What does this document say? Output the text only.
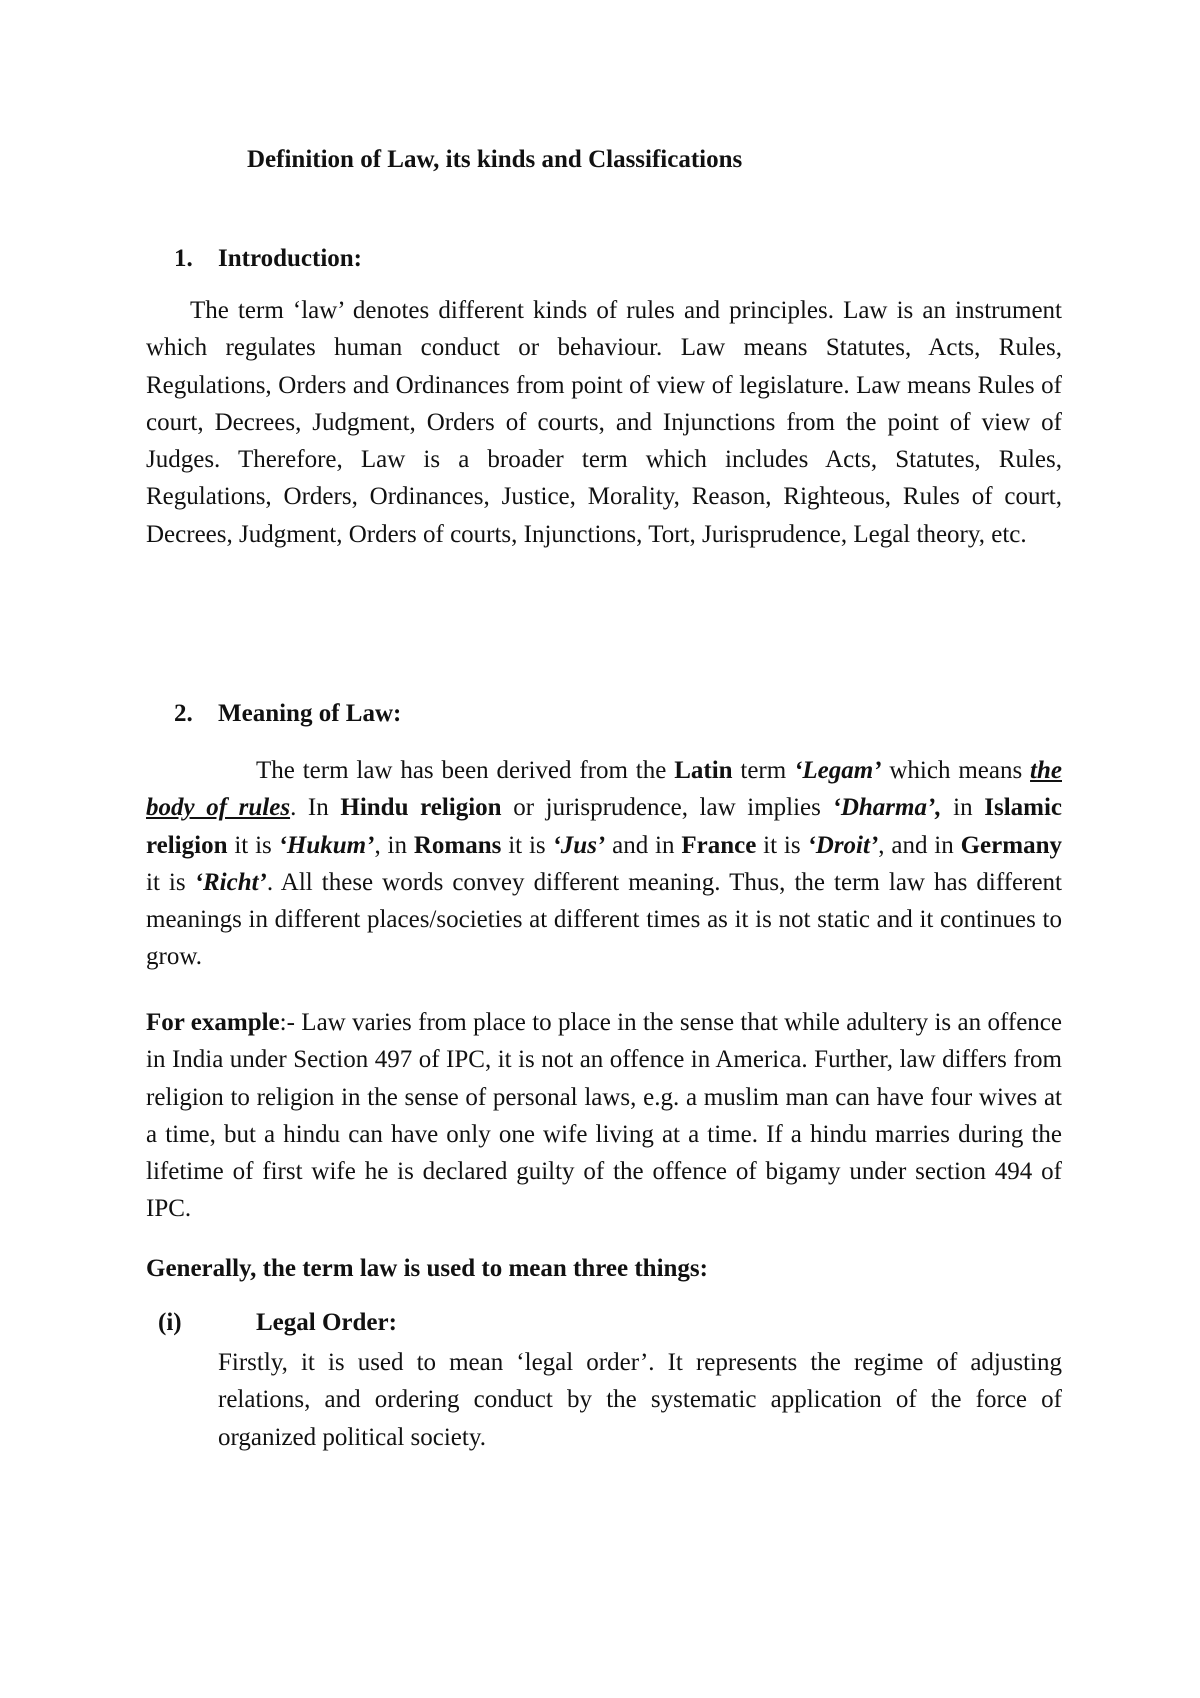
Definition of Law, its kinds and Classifications
1. Introduction:

The term ‘law’ denotes different kinds of rules and principles. Law is an instrument which regulates human conduct or behaviour. Law means Statutes, Acts, Rules, Regulations, Orders and Ordinances from point of view of legislature. Law means Rules of court, Decrees, Judgment, Orders of courts, and Injunctions from the point of view of Judges. Therefore, Law is a broader term which includes Acts, Statutes, Rules, Regulations, Orders, Ordinances, Justice, Morality, Reason, Righteous, Rules of court, Decrees, Judgment, Orders of courts, Injunctions, Tort, Jurisprudence, Legal theory, etc.

2. Meaning of Law:

The term law has been derived from the Latin term ‘Legam’ which means the body of rules. In Hindu religion or jurisprudence, law implies ‘Dharma’, in Islamic religion it is ‘Hukum’, in Romans it is ‘Jus’ and in France it is ‘Droit’, and in Germany it is ‘Richt’. All these words convey different meaning. Thus, the term law has different meanings in different places/societies at different times as it is not static and it continues to grow.

For example:- Law varies from place to place in the sense that while adultery is an offence in India under Section 497 of IPC, it is not an offence in America. Further, law differs from religion to religion in the sense of personal laws, e.g. a muslim man can have four wives at a time, but a hindu can have only one wife living at a time. If a hindu marries during the lifetime of first wife he is declared guilty of the offence of bigamy under section 494 of IPC.

Generally, the term law is used to mean three things:

(i)	Legal Order:

Firstly, it is used to mean ‘legal order’. It represents the regime of adjusting relations, and ordering conduct by the systematic application of the force of organized political society.
